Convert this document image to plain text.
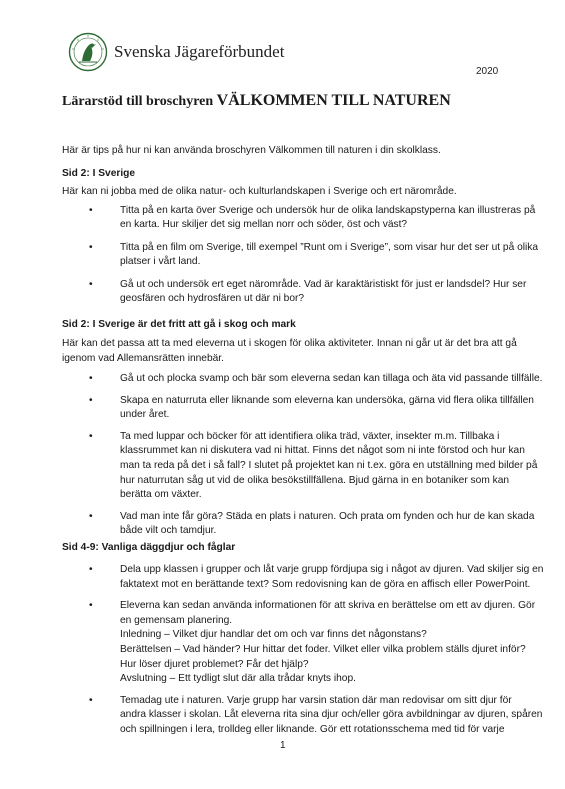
Svenska Jägareförbundet
2020
Lärarstöd till broschyren VÄLKOMMEN TILL NATUREN
Här är tips på hur ni kan använda broschyren Välkommen till naturen i din skolklass.

Sid 2: I Sverige

Här kan ni jobba med de olika natur- och kulturlandskapen i Sverige och ert närområde.

Titta på en karta över Sverige och undersök hur de olika landskapstyperna kan illustreras på
en karta. Hur skiljer det sig mellan norr och söder, öst och väst?
Titta på en film om Sverige, till exempel ”Runt om i Sverige”, som visar hur det ser ut på olika
platser i vårt land.
Gå ut och undersök ert eget närområde. Vad är karaktäristiskt för just er landsdel? Hur ser
geosfären och hydrosfären ut där ni bor?

Sid 2: I Sverige är det fritt att gå i skog och mark

Här kan det passa att ta med eleverna ut i skogen för olika aktiviteter. Innan ni går ut är det bra att gå
igenom vad Allemansrätten innebär.

Gå ut och plocka svamp och bär som eleverna sedan kan tillaga och äta vid passande tillfälle.
Skapa en naturruta eller liknande som eleverna kan undersöka, gärna vid flera olika tillfällen
under året.
Ta med luppar och böcker för att identifiera olika träd, växter, insekter m.m. Tillbaka i
klassrummet kan ni diskutera vad ni hittat. Finns det något som ni inte förstod och hur kan
man ta reda på det i så fall? I slutet på projektet kan ni t.ex. göra en utställning med bilder på
hur naturrutan såg ut vid de olika besökstillfällena. Bjud gärna in en botaniker som kan
berätta om växter.
Vad man inte får göra? Städa en plats i naturen. Och prata om fynden och hur de kan skada
både vilt och tamdjur.

Sid 4-9: Vanliga däggdjur och fåglar

Dela upp klassen i grupper och låt varje grupp fördjupa sig i något av djuren. Vad skiljer sig en
faktatext mot en berättande text? Som redovisning kan de göra en affisch eller PowerPoint.
Eleverna kan sedan använda informationen för att skriva en berättelse om ett av djuren. Gör
en gemensam planering.
Inledning – Vilket djur handlar det om och var finns det någonstans?
Berättelsen – Vad händer? Hur hittar det foder. Vilket eller vilka problem ställs djuret inför?
Hur löser djuret problemet? Får det hjälp?
Avslutning – Ett tydligt slut där alla trådar knyts ihop.
Temadag ute i naturen. Varje grupp har varsin station där man redovisar om sitt djur för
andra klasser i skolan. Låt eleverna rita sina djur och/eller göra avbildningar av djuren, spåren
och spillningen i lera, trolldeg eller liknande. Gör ett rotationsschema med tid för varje
1
